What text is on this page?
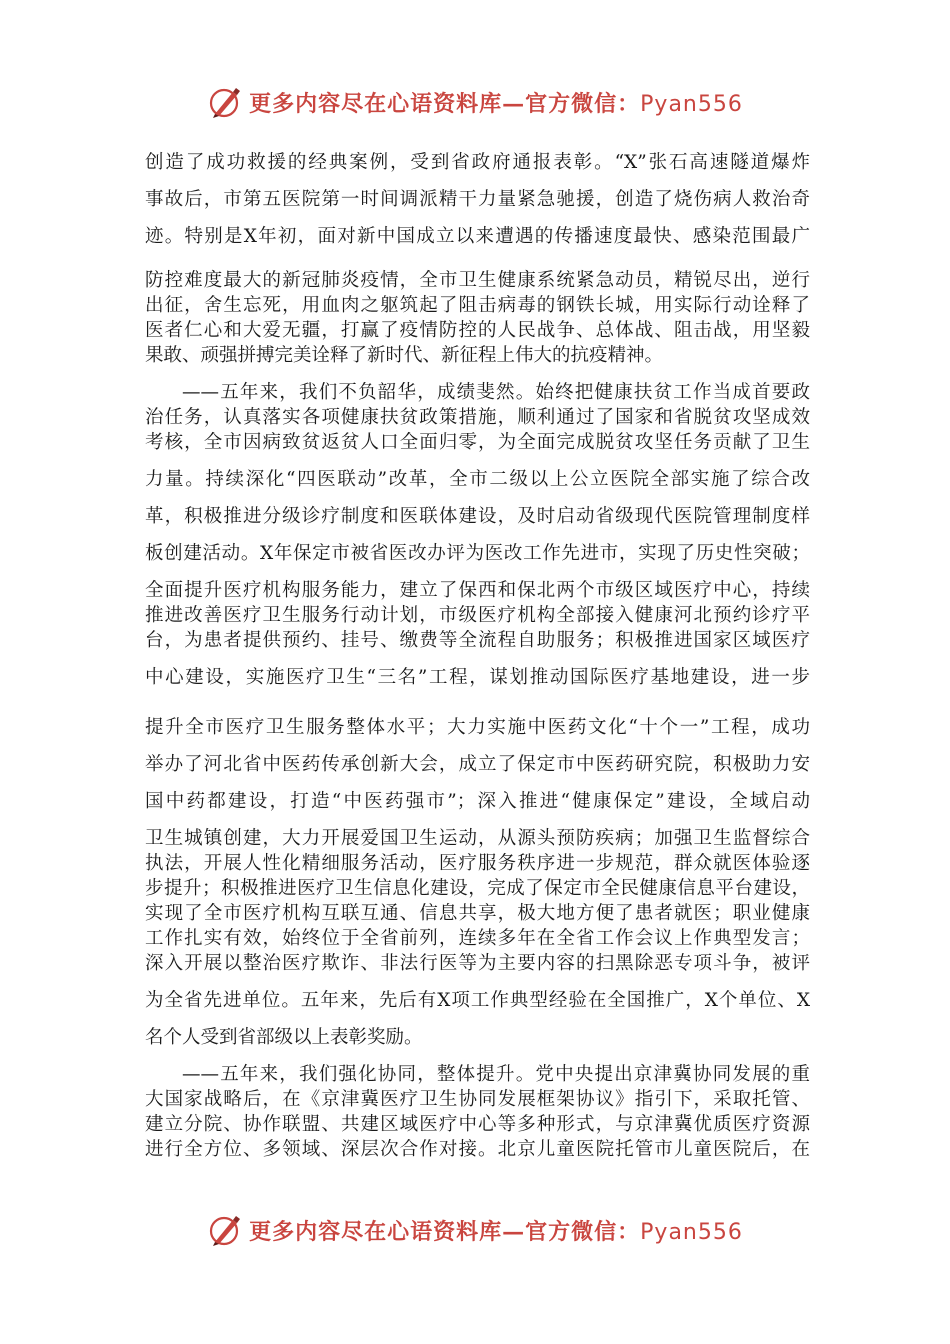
更多内容尽在心语资料库—官方微信：Pyan556
创造了成功救援的经典案例，受到省政府通报表彰。“X”张石高速隧道爆炸
事故后，市第五医院第一时间调派精干力量紧急驰援，创造了烧伤病人救治奇
迹。特别是X年初，面对新中国成立以来遭遇的传播速度最快、感染范围最广
防控难度最大的新冠肺炎疫情，全市卫生健康系统紧急动员，精锐尽出，逆行
出征，舍生忘死，用血肉之躯筑起了阻击病毒的钢铁长城，用实际行动诠释了
医者仁心和大爱无疆，打赢了疫情防控的人民战争、总体战、阻击战，用坚毅
果敢、顽强拼搏完美诠释了新时代、新征程上伟大的抗疫精神。
——五年来，我们不负韶华，成绩斐然。始终把健康扶贫工作当成首要政
治任务，认真落实各项健康扶贫政策措施，顺利通过了国家和省脱贫攻坚成效
考核，全市因病致贫返贫人口全面归零，为全面完成脱贫攻坚任务贡献了卫生
力量。持续深化“四医联动”改革，全市二级以上公立医院全部实施了综合改
革，积极推进分级诊疗制度和医联体建设，及时启动省级现代医院管理制度样
板创建活动。X年保定市被省医改办评为医改工作先进市，实现了历史性突破；
全面提升医疗机构服务能力，建立了保西和保北两个市级区域医疗中心，持续
推进改善医疗卫生服务行动计划，市级医疗机构全部接入健康河北预约诊疗平
台，为患者提供预约、挂号、缴费等全流程自助服务；积极推进国家区域医疗
中心建设，实施医疗卫生“三名”工程，谋划推动国际医疗基地建设，进一步
提升全市医疗卫生服务整体水平；大力实施中医药文化“十个一”工程，成功
举办了河北省中医药传承创新大会，成立了保定市中医药研究院，积极助力安
国中药都建设，打造“中医药强市”；深入推进“健康保定”建设，全域启动
卫生城镇创建，大力开展爱国卫生运动，从源头预防疾病；加强卫生监督综合
执法，开展人性化精细服务活动，医疗服务秩序进一步规范，群众就医体验逐
步提升；积极推进医疗卫生信息化建设，完成了保定市全民健康信息平台建设，
实现了全市医疗机构互联互通、信息共享，极大地方便了患者就医；职业健康
工作扎实有效，始终位于全省前列，连续多年在全省工作会议上作典型发言；
深入开展以整治医疗欺诈、非法行医等为主要内容的扫黑除恶专项斗争，被评
为全省先进单位。五年来，先后有X项工作典型经验在全国推广，X个单位、X
名个人受到省部级以上表彰奖励。
——五年来，我们强化协同，整体提升。党中央提出京津冀协同发展的重
大国家战略后，在《京津冀医疗卫生协同发展框架协议》指引下，采取托管、
建立分院、协作联盟、共建区域医疗中心等多种形式，与京津冀优质医疗资源
进行全方位、多领域、深层次合作对接。北京儿童医院托管市儿童医院后，在
更多内容尽在心语资料库—官方微信：Pyan556
